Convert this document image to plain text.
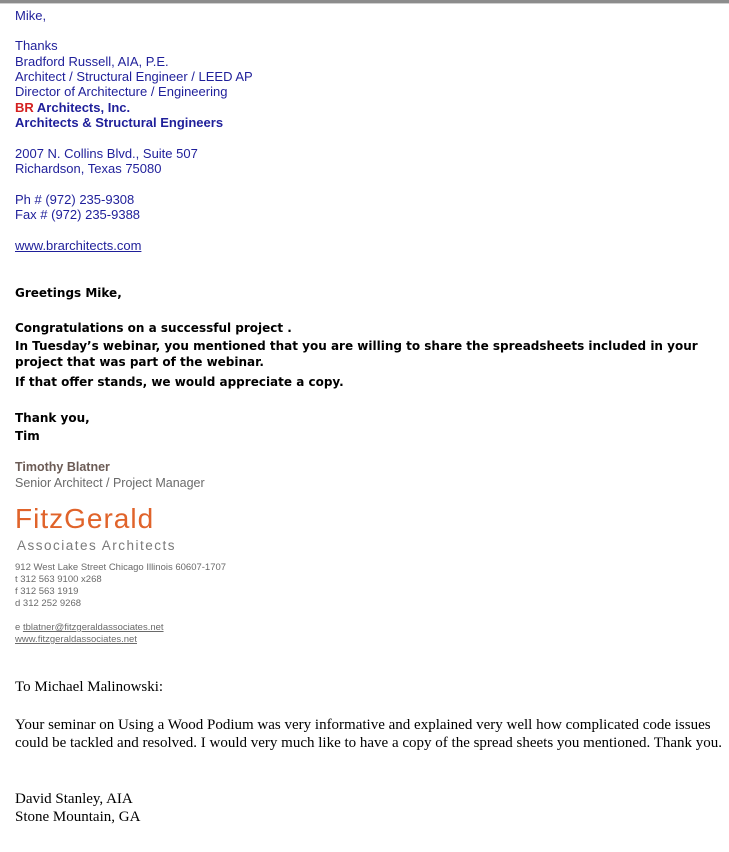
Mike,
Thanks
Bradford Russell, AIA, P.E.
Architect / Structural Engineer / LEED AP
Director of Architecture / Engineering
BR Architects, Inc.
Architects & Structural Engineers
2007 N. Collins Blvd., Suite 507
Richardson, Texas 75080
Ph # (972) 235-9308
Fax # (972) 235-9388
www.brarchitects.com
Greetings Mike,
Congratulations on a successful project .
In Tuesday’s webinar, you mentioned that you are willing to share the spreadsheets included in your project that was part of the webinar.
If that offer stands, we would appreciate a copy.
Thank you,
Tim
Timothy Blatner
Senior Architect / Project Manager
FitzGerald
Associates Architects
912 West Lake Street Chicago Illinois 60607-1707
t 312 563 9100 x268
f 312 563 1919
d 312 252 9268
e tblatner@fitzgeraldassociates.net
www.fitzgeraldassociates.net
To Michael Malinowski:
Your seminar on Using a Wood Podium was very informative and explained very well how complicated code issues could be tackled and resolved. I would very much like to have a copy of the spread sheets you mentioned. Thank you.
David Stanley, AIA
Stone Mountain, GA
